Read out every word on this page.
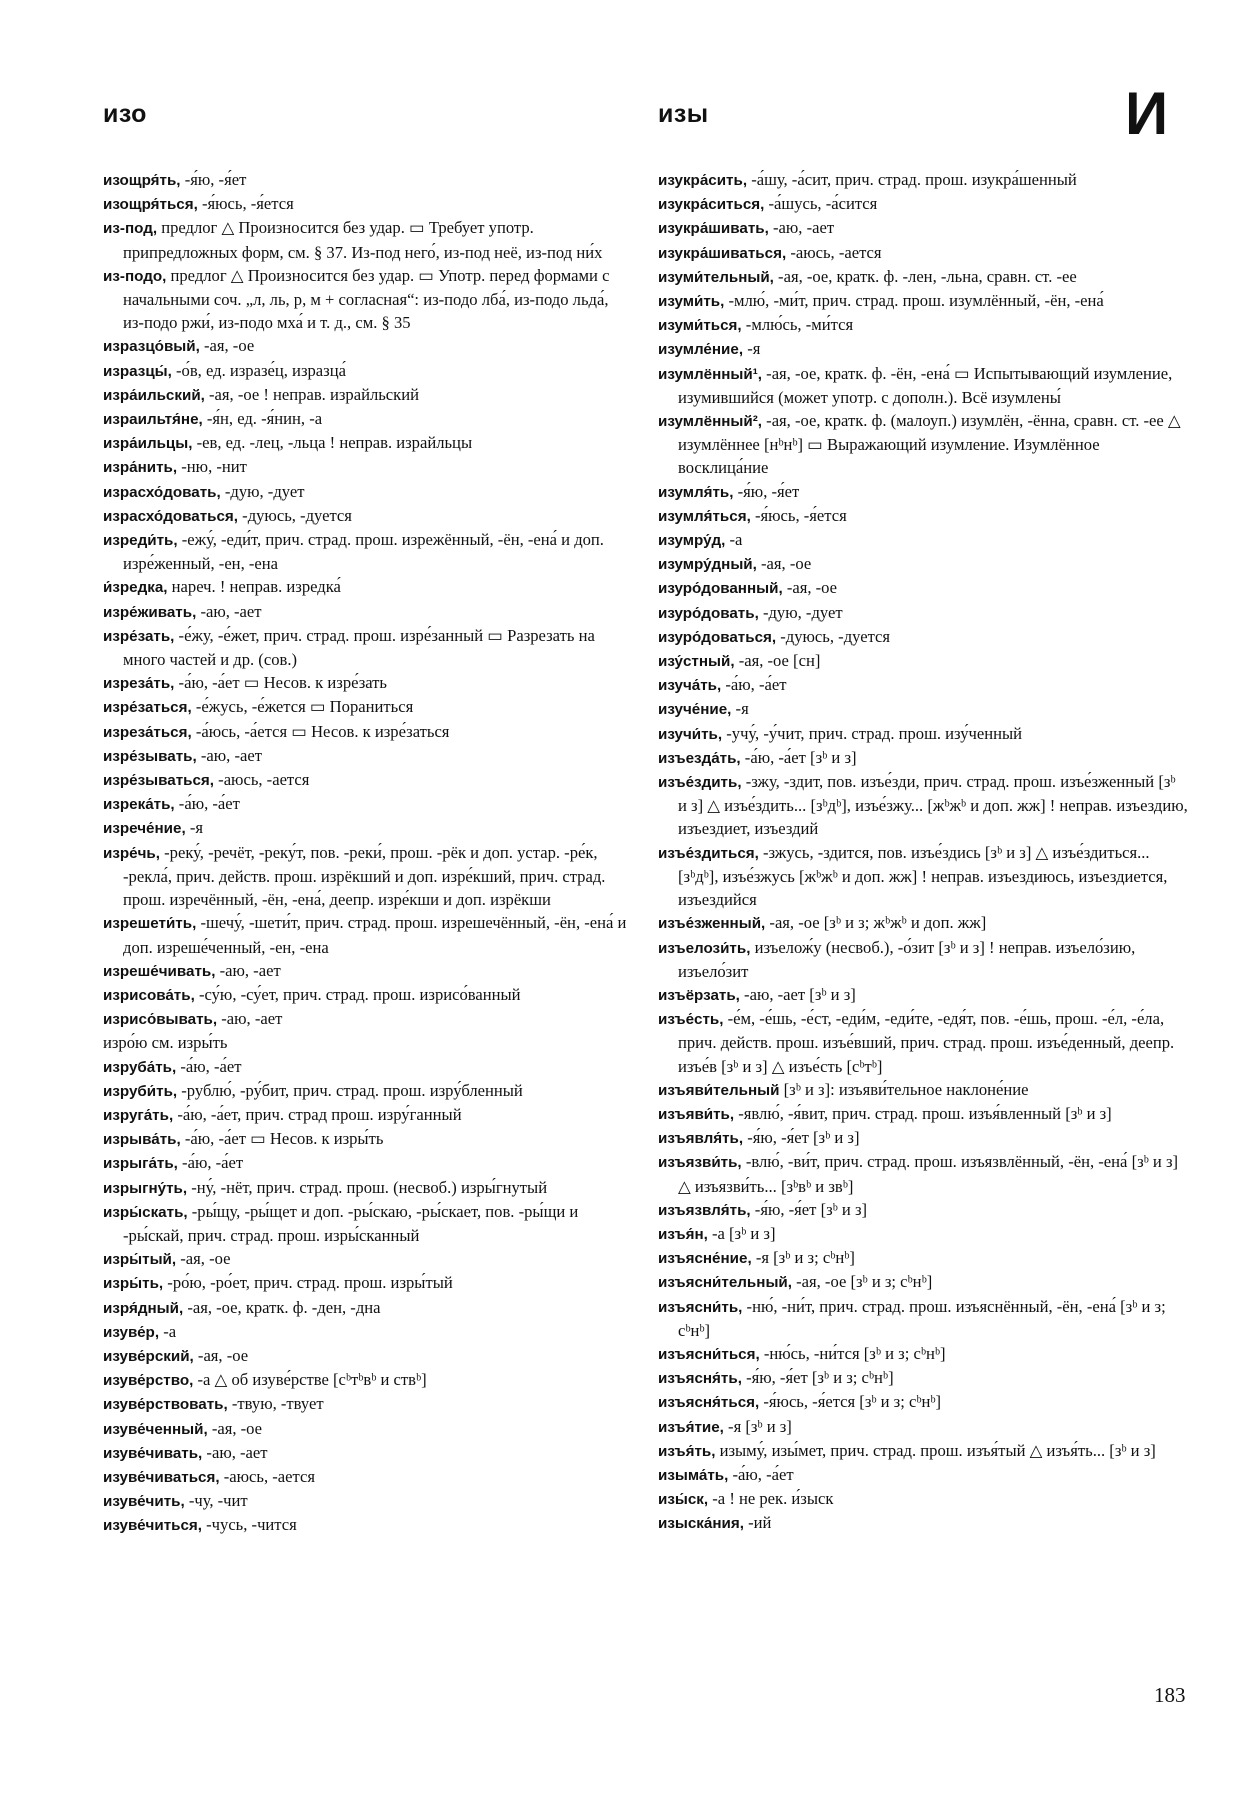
изо	изы	И
изощря́ть, -я́ю, -я́ет
изощря́ться, -я́юсь, -я́ется
из-под, предлог △ Произносится без удар. ▭ Требует употр. припредложных форм, см. § 37. Из-под него́, из-под неё, из-под ни́х
из-подо, предлог △ Произносится без удар. ▭ Употр. перед формами с начальными соч. „л, ль, р, м + согласная“: из-подо лба́, из-подо льда́, из-подо ржи́, из-подо мха́ и т. д., см. § 35
изразцо́вый, -ая, -ое
изразцы́, -о́в, ед. изразе́ц, изразца́
изра́ильский, -ая, -ое ! неправ. израйльский
израильтя́не, -я́н, ед. -я́нин, -а
изра́ильцы, -ев, ед. -лец, -льца ! неправ. израйльцы
изра́нить, -ню, -нит
израсхо́довать, -дую, -дует
израсхо́доваться, -дуюсь, -дуется
изреди́ть, -ежу́, -еди́т, прич. страд. прош. изрежённый, -ён, -ена́ и доп. изре́женный, -ен, -ена
и́зредка, нареч. ! неправ. изредка́
изре́живать, -аю, -ает
изре́зать, -е́жу, -е́жет, прич. страд. прош. изре́занный ▭ Разрезать на много частей и др. (сов.)
изреза́ть, -а́ю, -а́ет ▭ Несов. к изре́зать
изре́заться, -е́жусь, -е́жется ▭ Пораниться
изреза́ться, -а́юсь, -а́ется ▭ Несов. к изре́заться
изре́зывать, -аю, -ает
изре́зываться, -аюсь, -ается
изрека́ть, -а́ю, -а́ет
изрече́ние, -я
изре́чь, -реку́, -речёт, -реку́т, пов. -реки́, прош. -рёк и доп. устар. -ре́к, -рекла́, прич. действ. прош. изрёкший и доп. изре́кший, прич. страд. прош. изречённый, -ён, -ена́, деепр. изре́кши и доп. изрёкши
изрешети́ть, -шечу́, -шети́т, прич. страд. прош. изрешечённый, -ён, -ена́ и доп. изреше́ченный, -ен, -ена
изреше́чивать, -аю, -ает
изрисова́ть, -су́ю, -су́ет, прич. страд. прош. изрисо́ванный
изрисо́вывать, -аю, -ает
изро́ю см. изры́ть
изруба́ть, -а́ю, -а́ет
изруби́ть, -рублю́, -ру́бит, прич. страд. прош. изру́бленный
изруга́ть, -а́ю, -а́ет, прич. страд прош. изру́ганный
изрыва́ть, -а́ю, -а́ет ▭ Несов. к изры́ть
изрыга́ть, -а́ю, -а́ет
изрыгну́ть, -ну́, -нёт, прич. страд. прош. (несвоб.) изры́гнутый
изры́скать, -ры́щу, -ры́щет и доп. -ры́скаю, -ры́скает, пов. -ры́щи и -ры́скай, прич. страд. прош. изры́сканный
изры́тый, -ая, -ое
изры́ть, -ро́ю, -ро́ет, прич. страд. прош. изры́тый
изря́дный, -ая, -ое, кратк. ф. -ден, -дна
изуве́р, -а
изуве́рский, -ая, -ое
изуве́рство, -а △ об изуве́рстве [сᵇтᵇвᵇ и ствᵇ]
изуве́рствовать, -твую, -твует
изуве́ченный, -ая, -ое
изуве́чивать, -аю, -ает
изуве́чиваться, -аюсь, -ается
изуве́чить, -чу, -чит
изуве́читься, -чусь, -чится
изукра́сить, -а́шу, -а́сит, прич. страд. прош. изукра́шенный
изукра́ситься, -а́шусь, -а́сится
изукра́шивать, -аю, -ает
изукра́шиваться, -аюсь, -ается
изуми́тельный, -ая, -ое, кратк. ф. -лен, -льна, сравн. ст. -ее
изуми́ть, -млю́, -ми́т, прич. страд. прош. изумлённый, -ён, -ена́
изуми́ться, -млю́сь, -ми́тся
изумле́ние, -я
изумлённый¹, -ая, -ое, кратк. ф. -ён, -ена́ ▭ Испытывающий изумление, изумившийся (может употр. с дополн.). Всё изумлены́
изумлённый², -ая, -ое, кратк. ф. (малоуп.) изумлён, -ённа, сравн. ст. -ее △ изумлённее [нᵇнᵇ] ▭ Выражающий изумление. Изумлённое восклица́ние
изумля́ть, -я́ю, -я́ет
изумля́ться, -я́юсь, -я́ется
изумру́д, -а
изумру́дный, -ая, -ое
изуро́дованный, -ая, -ое
изуро́довать, -дую, -дует
изуро́доваться, -дуюсь, -дуется
изу́стный, -ая, -ое [сн]
изуча́ть, -а́ю, -а́ет
изуче́ние, -я
изучи́ть, -учу́, -у́чит, прич. страд. прош. изу́ченный
изъезда́ть, -а́ю, -а́ет [зᵇ и з]
изъе́здить, -зжу, -здит, пов. изъе́зди, прич. страд. прош. изъе́зженный [зᵇ и з] △ изъе́здить... [зᵇдᵇ], изъе́зжу... [жᵇжᵇ и доп. жж] ! неправ. изъездию, изъездиет, изъездий
изъе́здиться, -зжусь, -здится, пов. изъе́здись [зᵇ и з] △ изъе́здиться... [зᵇдᵇ], изъе́зжусь [жᵇжᵇ и доп. жж] ! неправ. изъездиюсь, изъездиется, изъездийся
изъе́зженный, -ая, -ое [зᵇ и з; жᵇжᵇ и доп. жж]
изъелози́ть, изъелож́у (несвоб.), -о́зит [зᵇ и з] ! неправ. изъело́зию, изъело́зит
изъёрзать, -аю, -ает [зᵇ и з]
изъе́сть, -е́м, -е́шь, -е́ст, -еди́м, -еди́те, -едя́т, пов. -е́шь, прош. -е́л, -е́ла, прич. действ. прош. изъе́вший, прич. страд. прош. изъе́денный, деепр. изъе́в [зᵇ и з] △ изъе́сть [сᵇтᵇ]
изъяви́тельный [зᵇ и з]: изъяви́тельное наклоне́ние
изъяви́ть, -явлю́, -я́вит, прич. страд. прош. изъя́вленный [зᵇ и з]
изъявля́ть, -я́ю, -я́ет [зᵇ и з]
изъязви́ть, -влю́, -ви́т, прич. страд. прош. изъязвлённый, -ён, -ена́ [зᵇ и з] △ изъязви́ть... [зᵇвᵇ и звᵇ]
изъязвля́ть, -я́ю, -я́ет [зᵇ и з]
изъя́н, -а [зᵇ и з]
изъясне́ние, -я [зᵇ и з; сᵇнᵇ]
изъясни́тельный, -ая, -ое [зᵇ и з; сᵇнᵇ]
изъясни́ть, -ню́, -ни́т, прич. страд. прош. изъяснённый, -ён, -ена́ [зᵇ и з; сᵇнᵇ]
изъясни́ться, -ню́сь, -ни́тся [зᵇ и з; сᵇнᵇ]
изъясня́ть, -я́ю, -я́ет [зᵇ и з; сᵇнᵇ]
изъясня́ться, -я́юсь, -я́ется [зᵇ и з; сᵇнᵇ]
изъя́тие, -я [зᵇ и з]
изъя́ть, изыму́, изы́мет, прич. страд. прош. изъя́тый △ изъя́ть... [зᵇ и з]
изыма́ть, -а́ю, -а́ет
изы́ск, -а ! не рек. и́зыск
изыска́ния, -ий
183
